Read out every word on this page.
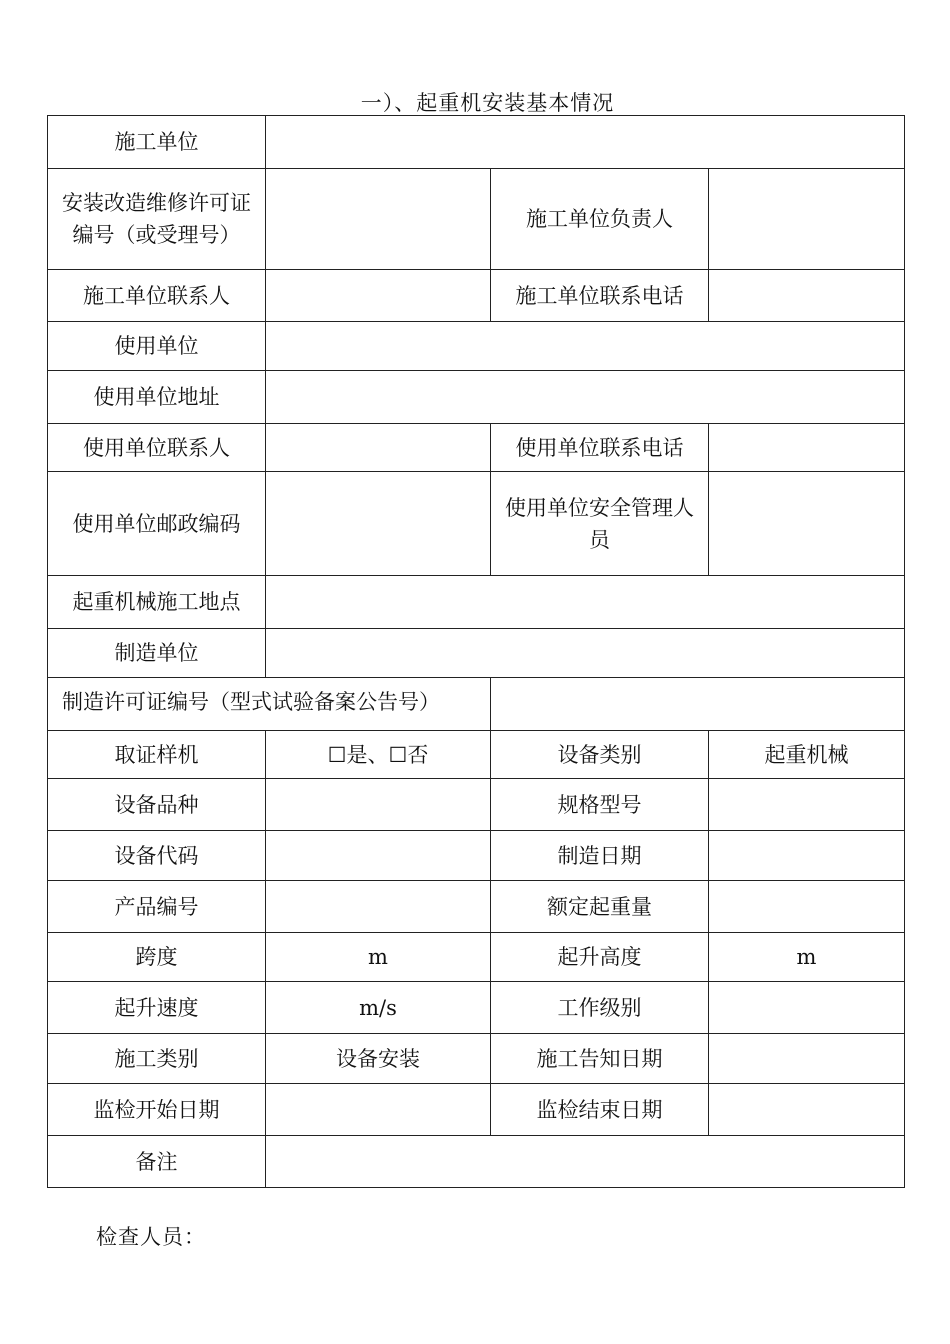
一）、起重机安装基本情况
施工单位			
安装改造维修许可证编号（或受理号）		施工单位负责人	
施工单位联系人		施工单位联系电话	
使用单位			
使用单位地址			
使用单位联系人		使用单位联系电话	
使用单位邮政编码		使用单位安全管理人员	
起重机械施工地点			
制造单位			

制造许可证编号（型式试验备案公告号）			

取证样机	☐是、☐否	设备类别	起重机械
设备品种		规格型号	
设备代码		制造日期	
产品编号		额定起重量	
跨度	m	起升高度	m
起升速度	m/s	工作级别	
施工类别	设备安装	施工告知日期	
监检开始日期		监检结束日期	
备注			
检查人员：
